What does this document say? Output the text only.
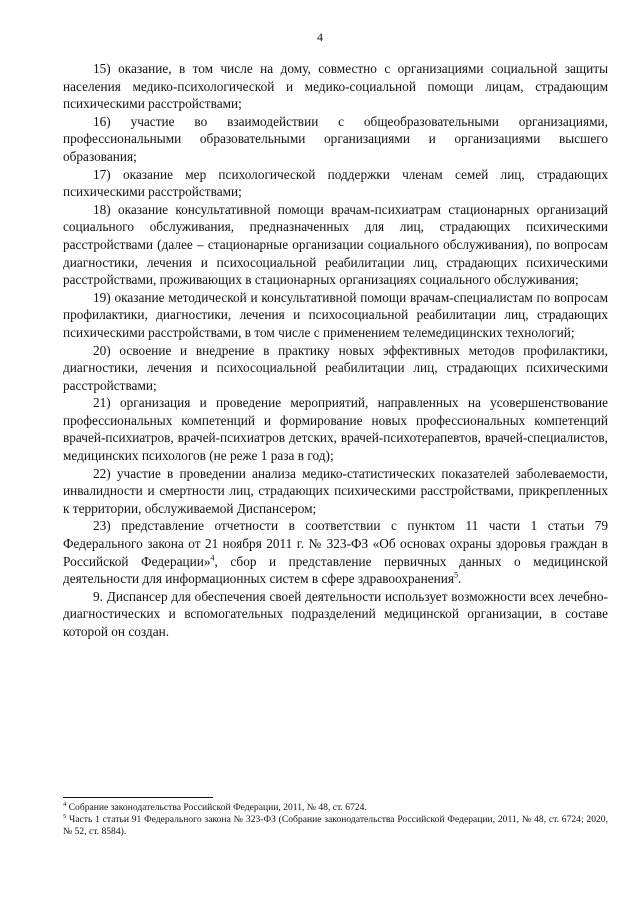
4

15) оказание, в том числе на дому, совместно с организациями социальной защиты населения медико-психологической и медико-социальной помощи лицам, страдающим психическими расстройствами;

16) участие во взаимодействии с общеобразовательными организациями, профессиональными образовательными организациями и организациями высшего образования;

17) оказание мер психологической поддержки членам семей лиц, страдающих психическими расстройствами;

18) оказание консультативной помощи врачам-психиатрам стационарных организаций социального обслуживания, предназначенных для лиц, страдающих психическими расстройствами (далее – стационарные организации социального обслуживания), по вопросам диагностики, лечения и психосоциальной реабилитации лиц, страдающих психическими расстройствами, проживающих в стационарных организациях социального обслуживания;

19) оказание методической и консультативной помощи врачам-специалистам по вопросам профилактики, диагностики, лечения и психосоциальной реабилитации лиц, страдающих психическими расстройствами, в том числе с применением телемедицинских технологий;

20) освоение и внедрение в практику новых эффективных методов профилактики, диагностики, лечения и психосоциальной реабилитации лиц, страдающих психическими расстройствами;

21) организация и проведение мероприятий, направленных на усовершенствование профессиональных компетенций и формирование новых профессиональных компетенций врачей-психиатров, врачей-психиатров детских, врачей-психотерапевтов, врачей-специалистов, медицинских психологов (не реже 1 раза в год);

22) участие в проведении анализа медико-статистических показателей заболеваемости, инвалидности и смертности лиц, страдающих психическими расстройствами, прикрепленных к территории, обслуживаемой Диспансером;

23) представление отчетности в соответствии с пунктом 11 части 1 статьи 79 Федерального закона от 21 ноября 2011 г. № 323-ФЗ «Об основах охраны здоровья граждан в Российской Федерации»$^4$, сбор и представление первичных данных о медицинской деятельности для информационных систем в сфере здравоохранения$^5$.

9. Диспансер для обеспечения своей деятельности использует возможности всех лечебно-диагностических и вспомогательных подразделений медицинской организации, в составе которой он создан.

$^4$ Собрание законодательства Российской Федерации, 2011, № 48, ст. 6724.

$^5$ Часть 1 статьи 91 Федерального закона № 323-ФЗ (Собрание законодательства Российской Федерации, 2011, № 48, ст. 6724; 2020, № 52, ст. 8584).
